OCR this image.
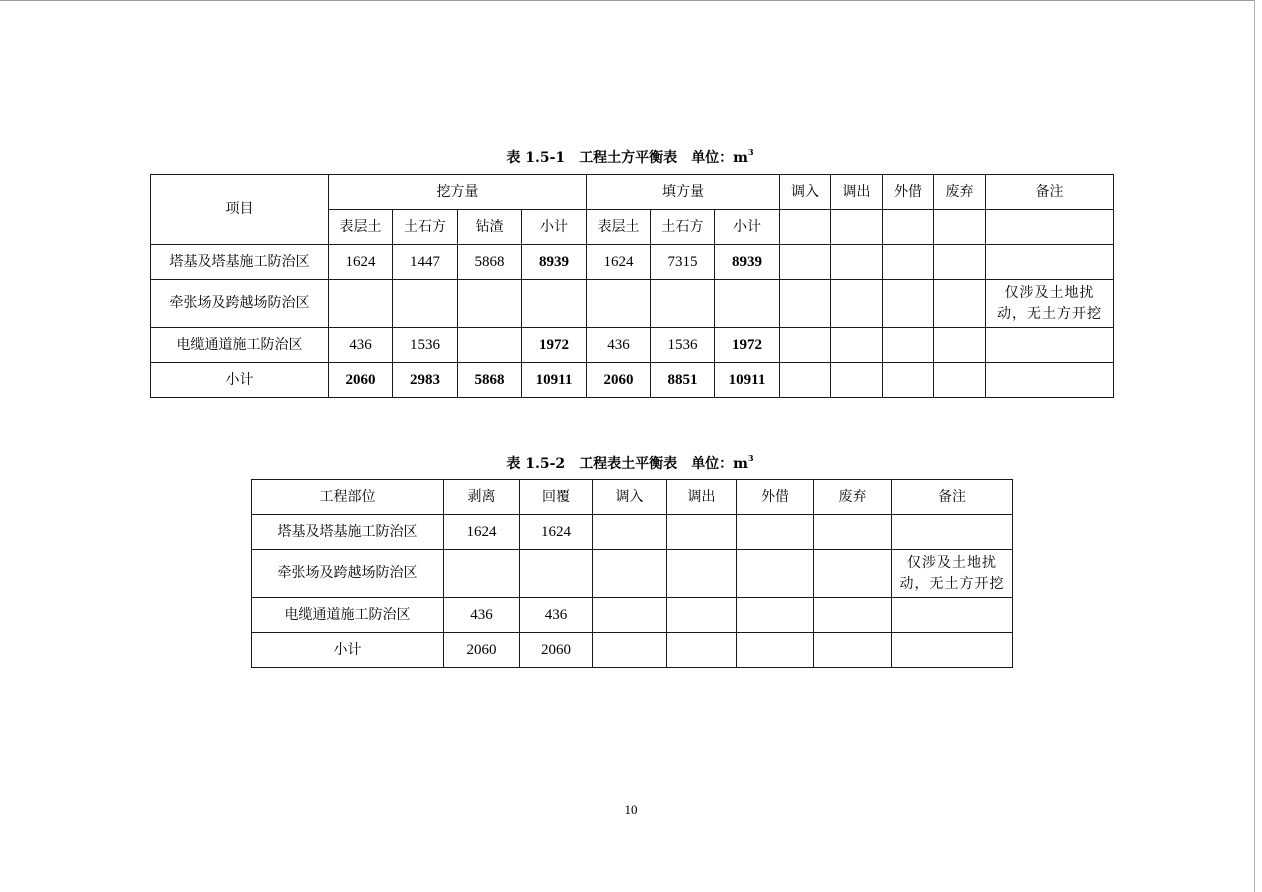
表 1.5-1 工程土方平衡表 单位：$m^3$
项目	挖方量				填方量			调入	调出	外借	废弃	备注
	表层土	土石方	钻渣	小计	表层土	土石方	小计					
塔基及塔基施工防治区	1624	1447	5868	8939	1624	7315	8939					
牵张场及跨越场防治区												仅涉及土地扰
动，无土方开挖

电缆通道施工防治区	436	1536		1972	436	1536	1972					
小计	2060	2983	5868	10911	2060	8851	10911					
表 1.5-2 工程表土平衡表 单位：$m^3$
工程部位	剥离	回覆	调入	调出	外借	废弃	备注
塔基及塔基施工防治区	1624	1624					
牵张场及跨越场防治区							仅涉及土地扰
动，无土方开挖

电缆通道施工防治区	436	436					
小计	2060	2060					
10
